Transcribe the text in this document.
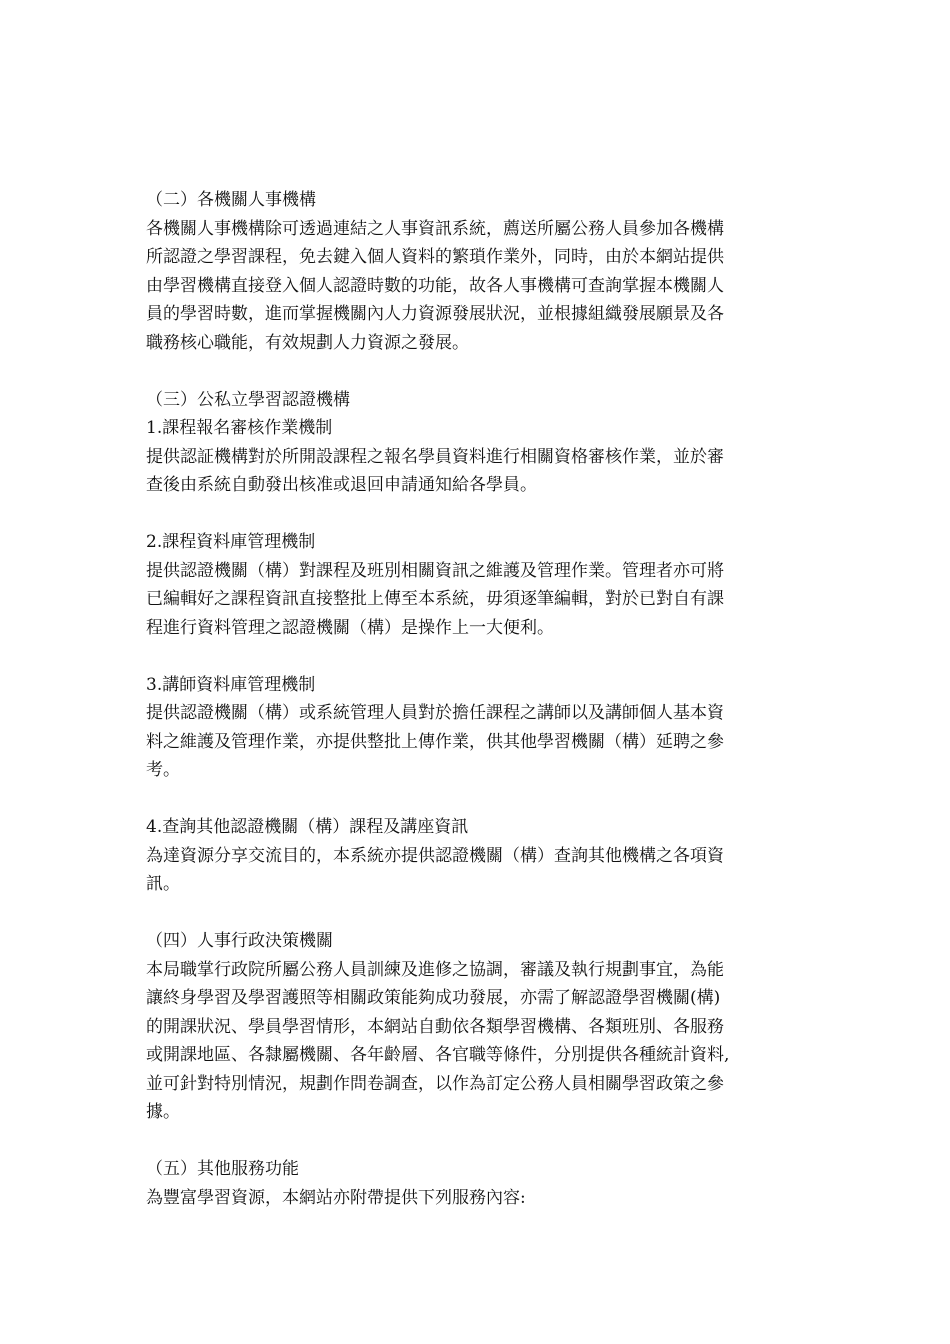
（二）各機關人事機構

各機關人事機構除可透過連結之人事資訊系統，薦送所屬公務人員參加各機構
所認證之學習課程，免去鍵入個人資料的繁瑣作業外，同時，由於本網站提供
由學習機構直接登入個人認證時數的功能，故各人事機構可查詢掌握本機關人
員的學習時數，進而掌握機關內人力資源發展狀況，並根據組織發展願景及各
職務核心職能，有效規劃人力資源之發展。

（三）公私立學習認證機構
1.課程報名審核作業機制

提供認証機構對於所開設課程之報名學員資料進行相關資格審核作業，並於審
查後由系統自動發出核准或退回申請通知給各學員。

2.課程資料庫管理機制

提供認證機關（構）對課程及班別相關資訊之維護及管理作業。管理者亦可將
已編輯好之課程資訊直接整批上傳至本系統，毋須逐筆編輯，對於已對自有課
程進行資料管理之認證機關（構）是操作上一大便利。

3.講師資料庫管理機制

提供認證機關（構）或系統管理人員對於擔任課程之講師以及講師個人基本資
料之維護及管理作業，亦提供整批上傳作業，供其他學習機關（構）延聘之參
考。

4.查詢其他認證機關（構）課程及講座資訊

為達資源分享交流目的，本系統亦提供認證機關（構）查詢其他機構之各項資
訊。

（四）人事行政決策機關

本局職掌行政院所屬公務人員訓練及進修之協調，審議及執行規劃事宜，為能
讓終身學習及學習護照等相關政策能夠成功發展，亦需了解認證學習機關(構)
的開課狀況、學員學習情形，本網站自動依各類學習機構、各類班別、各服務
或開課地區、各隸屬機關、各年齡層、各官職等條件，分別提供各種統計資料,
並可針對特別情況，規劃作問卷調查，以作為訂定公務人員相關學習政策之參
據。

（五）其他服務功能

為豐富學習資源，本網站亦附帶提供下列服務內容:
